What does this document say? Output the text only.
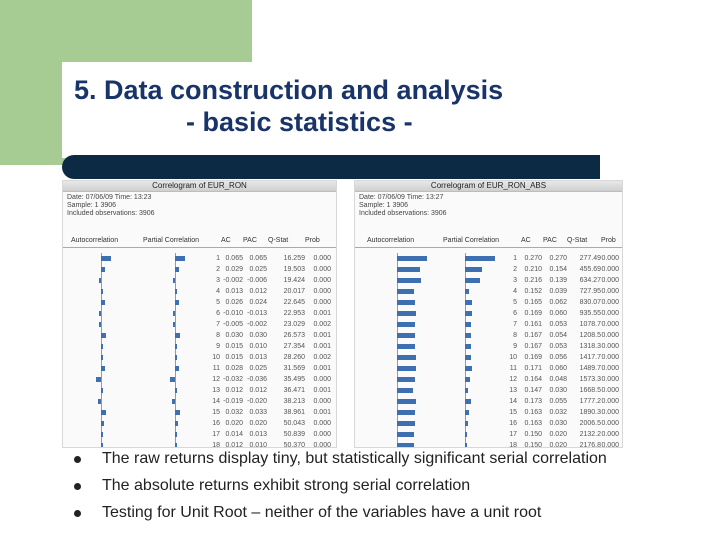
5. Data construction and analysis
- basic statistics -
Correlogram of EUR_RON
Date: 07/06/09 Time: 13:23
Sample: 1 3906
Included observations: 3906
Autocorrelation	Partial Correlation	AC PAC Q-Stat Prob
1 0.065 0.065 16.259 0.000
2 0.029 0.025 19.503 0.000
3 -0.002 -0.006 19.424 0.000
4 0.013 0.012 20.017 0.000
5 0.026 0.024 22.645 0.000
6 -0.010 -0.013 22.953 0.001
7 -0.005 -0.002 23.029 0.002
8 0.030 0.030 26.573 0.001
9 0.015 0.010 27.354 0.001
10 0.015 0.013 28.260 0.002
11 0.028 0.025 31.569 0.001
12 -0.032 -0.036 35.495 0.000
13 0.012 0.012 36.471 0.001
14 -0.019 -0.020 38.213 0.000
15 0.032 0.033 38.961 0.001
16 0.020 0.020 50.043 0.000
17 0.014 0.013 50.839 0.000
18 0.012 0.010 50.370 0.000
Correlogram of EUR_RON_ABS
Date: 07/06/09 Time: 13:27
Sample: 1 3906
Included observations: 3906
Autocorrelation	Partial Correlation	AC PAC Q-Stat Prob
1 0.270 0.270 277.49 0.000
2 0.210 0.154 455.69 0.000
3 0.216 0.139 634.27 0.000
4 0.152 0.039 727.95 0.000
5 0.165 0.062 830.07 0.000
6 0.169 0.060 935.55 0.000
7 0.161 0.053 1078.7 0.000
8 0.167 0.054 1208.5 0.000
9 0.167 0.053 1318.3 0.000
10 0.169 0.056 1417.7 0.000
11 0.171 0.060 1489.7 0.000
12 0.164 0.048 1573.3 0.000
13 0.147 0.030 1668.5 0.000
14 0.173 0.055 1777.2 0.000
15 0.163 0.032 1890.3 0.000
16 0.163 0.030 2006.5 0.000
17 0.150 0.020 2132.2 0.000
18 0.150 0.020 2176.8 0.000
The raw returns display tiny, but statistically significant serial correlation
The absolute returns exhibit strong serial correlation
Testing for Unit Root – neither of the variables have a unit root
